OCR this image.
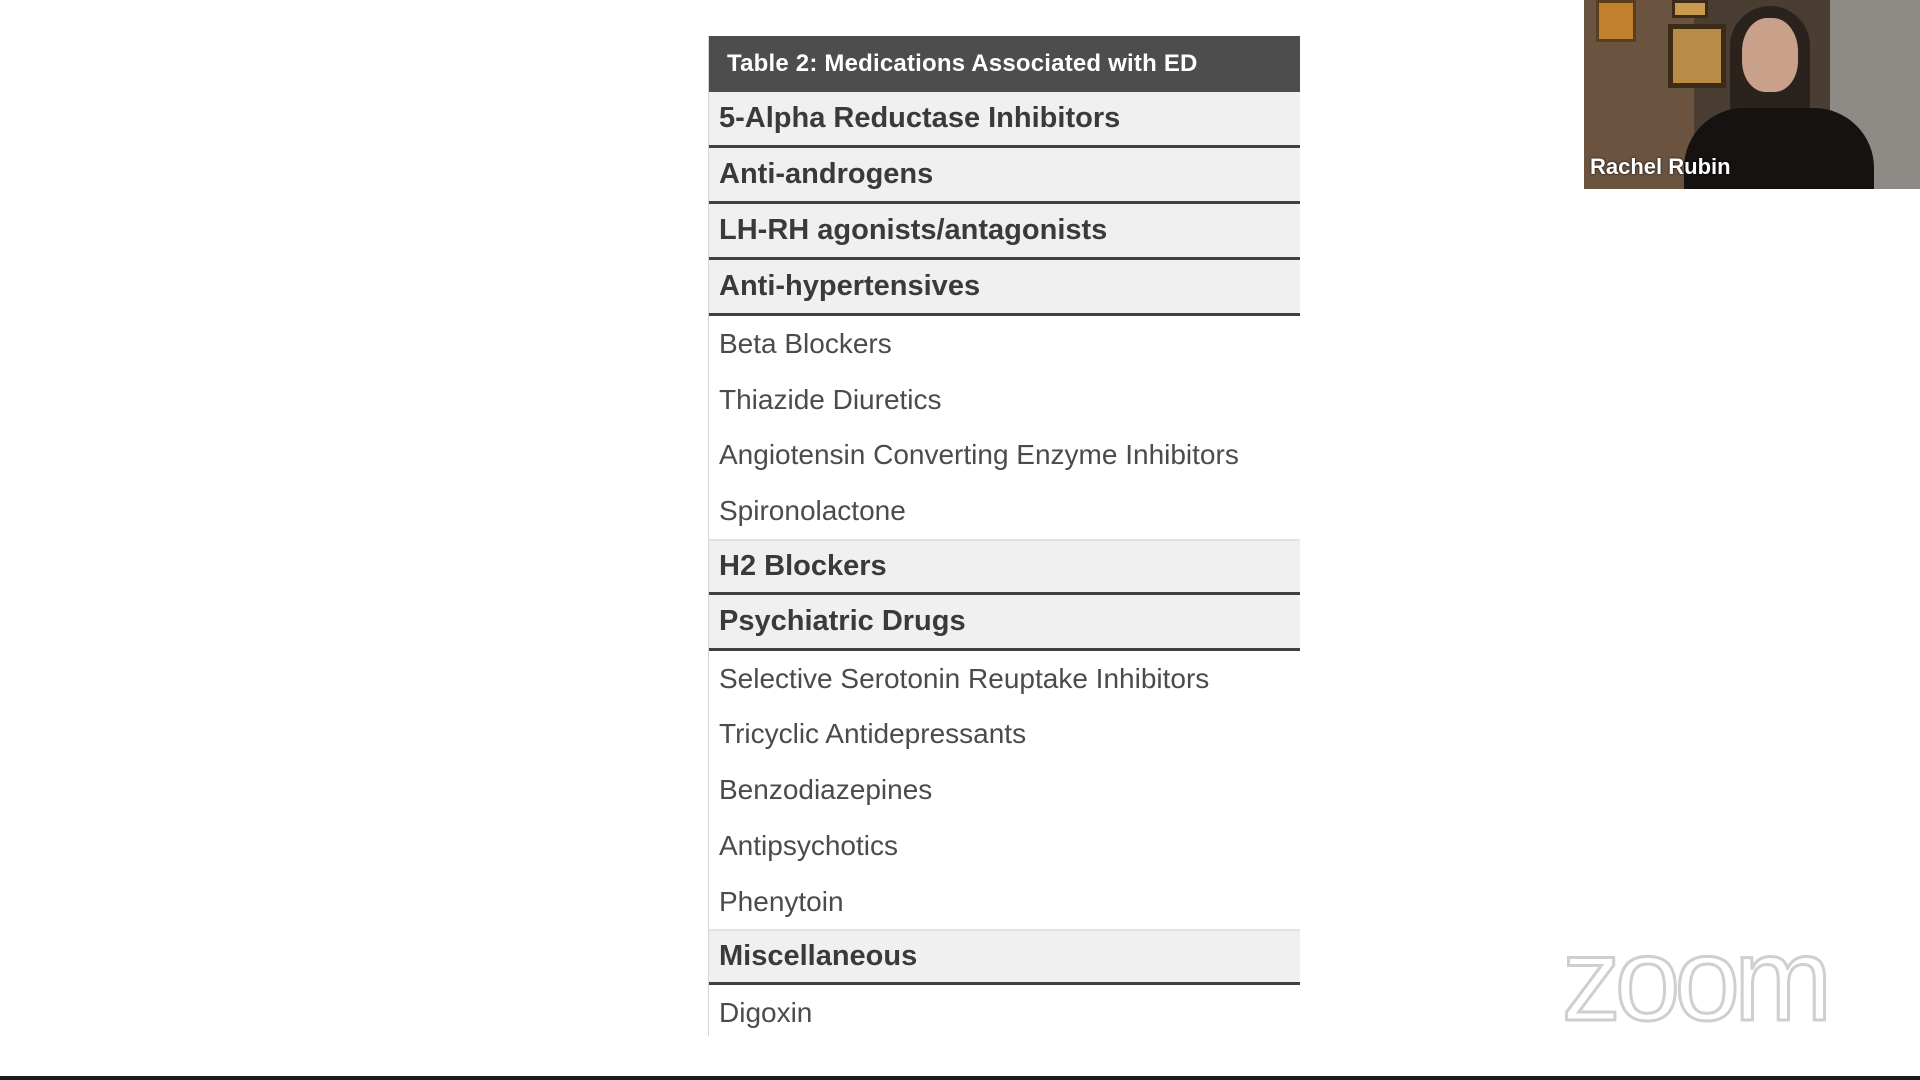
Table 2: Medications Associated with ED
5-Alpha Reductase Inhibitors
Anti-androgens
LH-RH agonists/antagonists
Anti-hypertensives
Beta Blockers
Thiazide Diuretics
Angiotensin Converting Enzyme Inhibitors
Spironolactone
H2 Blockers
Psychiatric Drugs
Selective Serotonin Reuptake Inhibitors
Tricyclic Antidepressants
Benzodiazepines
Antipsychotics
Phenytoin
Miscellaneous
Digoxin
Rachel Rubin
zoom
